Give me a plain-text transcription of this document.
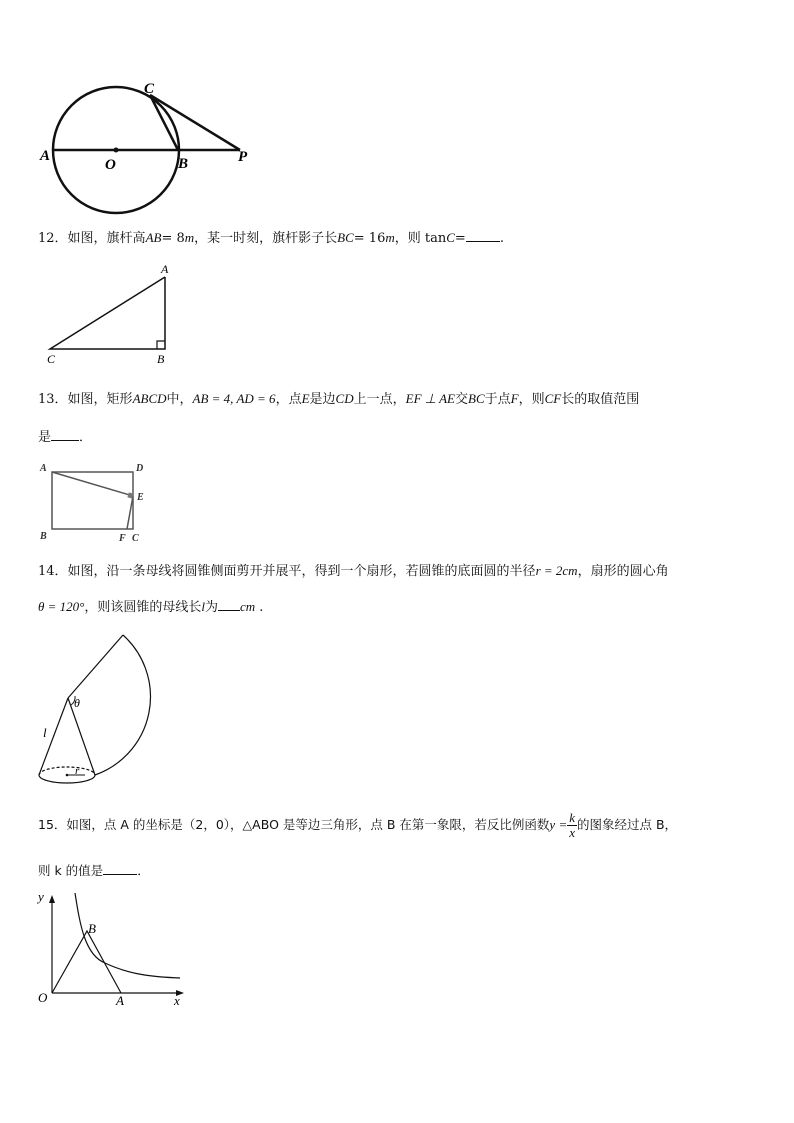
A
O	B
C
P
12．如图，旗杆高AB= 8m，某一时刻，旗杆影子长BC= 16m，则 tanC=	.
A
B
C
13．如图，矩形ABCD中，AB = 4, AD = 6，点E是边CD上一点，EF ⊥ AE交BC于点F，则CF长的取值范围
是 ．
A	D
E
B	F C
14．如图，沿一条母线将圆锥侧面剪开并展平，得到一个扇形，若圆锥的底面圆的半径r = 2cm，扇形的圆心角
θ = 120°，则该圆锥的母线长l为 cm .
θ
l
r
15．如图，点 A 的坐标是（2，0），△ABO 是等边三角形，点 B 在第一象限，若反比例函数$y = \frac{k}{x}$ 的图象经过点 B，
则 k 的值是	．
y
x
O	A
B
